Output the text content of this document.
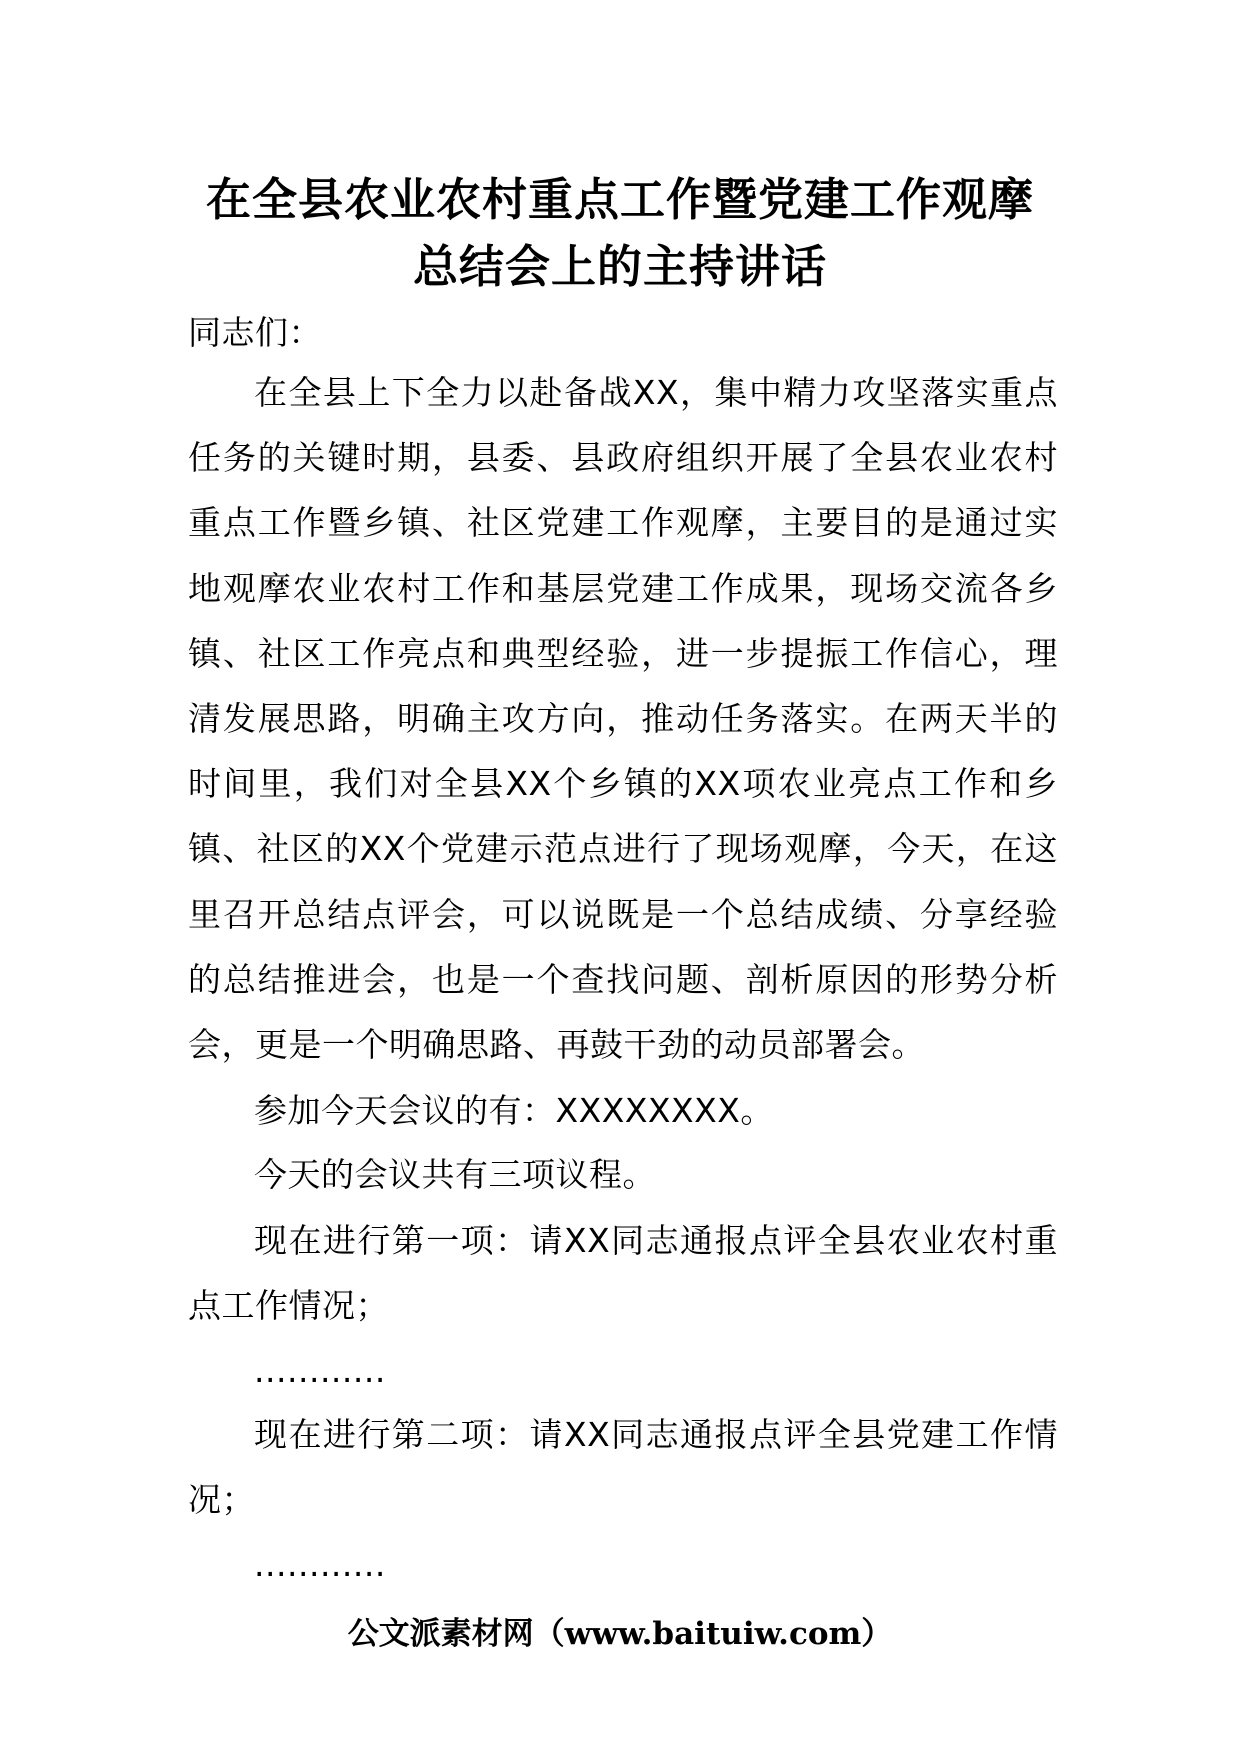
在全县农业农村重点工作暨党建工作观摩
总结会上的主持讲话
同志们：
在全县上下全力以赴备战XX，集中精力攻坚落实重点任务的关键时期，县委、县政府组织开展了全县农业农村重点工作暨乡镇、社区党建工作观摩，主要目的是通过实地观摩农业农村工作和基层党建工作成果，现场交流各乡镇、社区工作亮点和典型经验，进一步提振工作信心，理清发展思路，明确主攻方向，推动任务落实。在两天半的时间里，我们对全县XX个乡镇的XX项农业亮点工作和乡镇、社区的XX个党建示范点进行了现场观摩，今天，在这里召开总结点评会，可以说既是一个总结成绩、分享经验的总结推进会，也是一个查找问题、剖析原因的形势分析会，更是一个明确思路、再鼓干劲的动员部署会。
参加今天会议的有：XXXXXXXX。
今天的会议共有三项议程。
现在进行第一项：请XX同志通报点评全县农业农村重点工作情况；
............
现在进行第二项：请XX同志通报点评全县党建工作情况；
............
公文派素材网（www.baituiw.com）
